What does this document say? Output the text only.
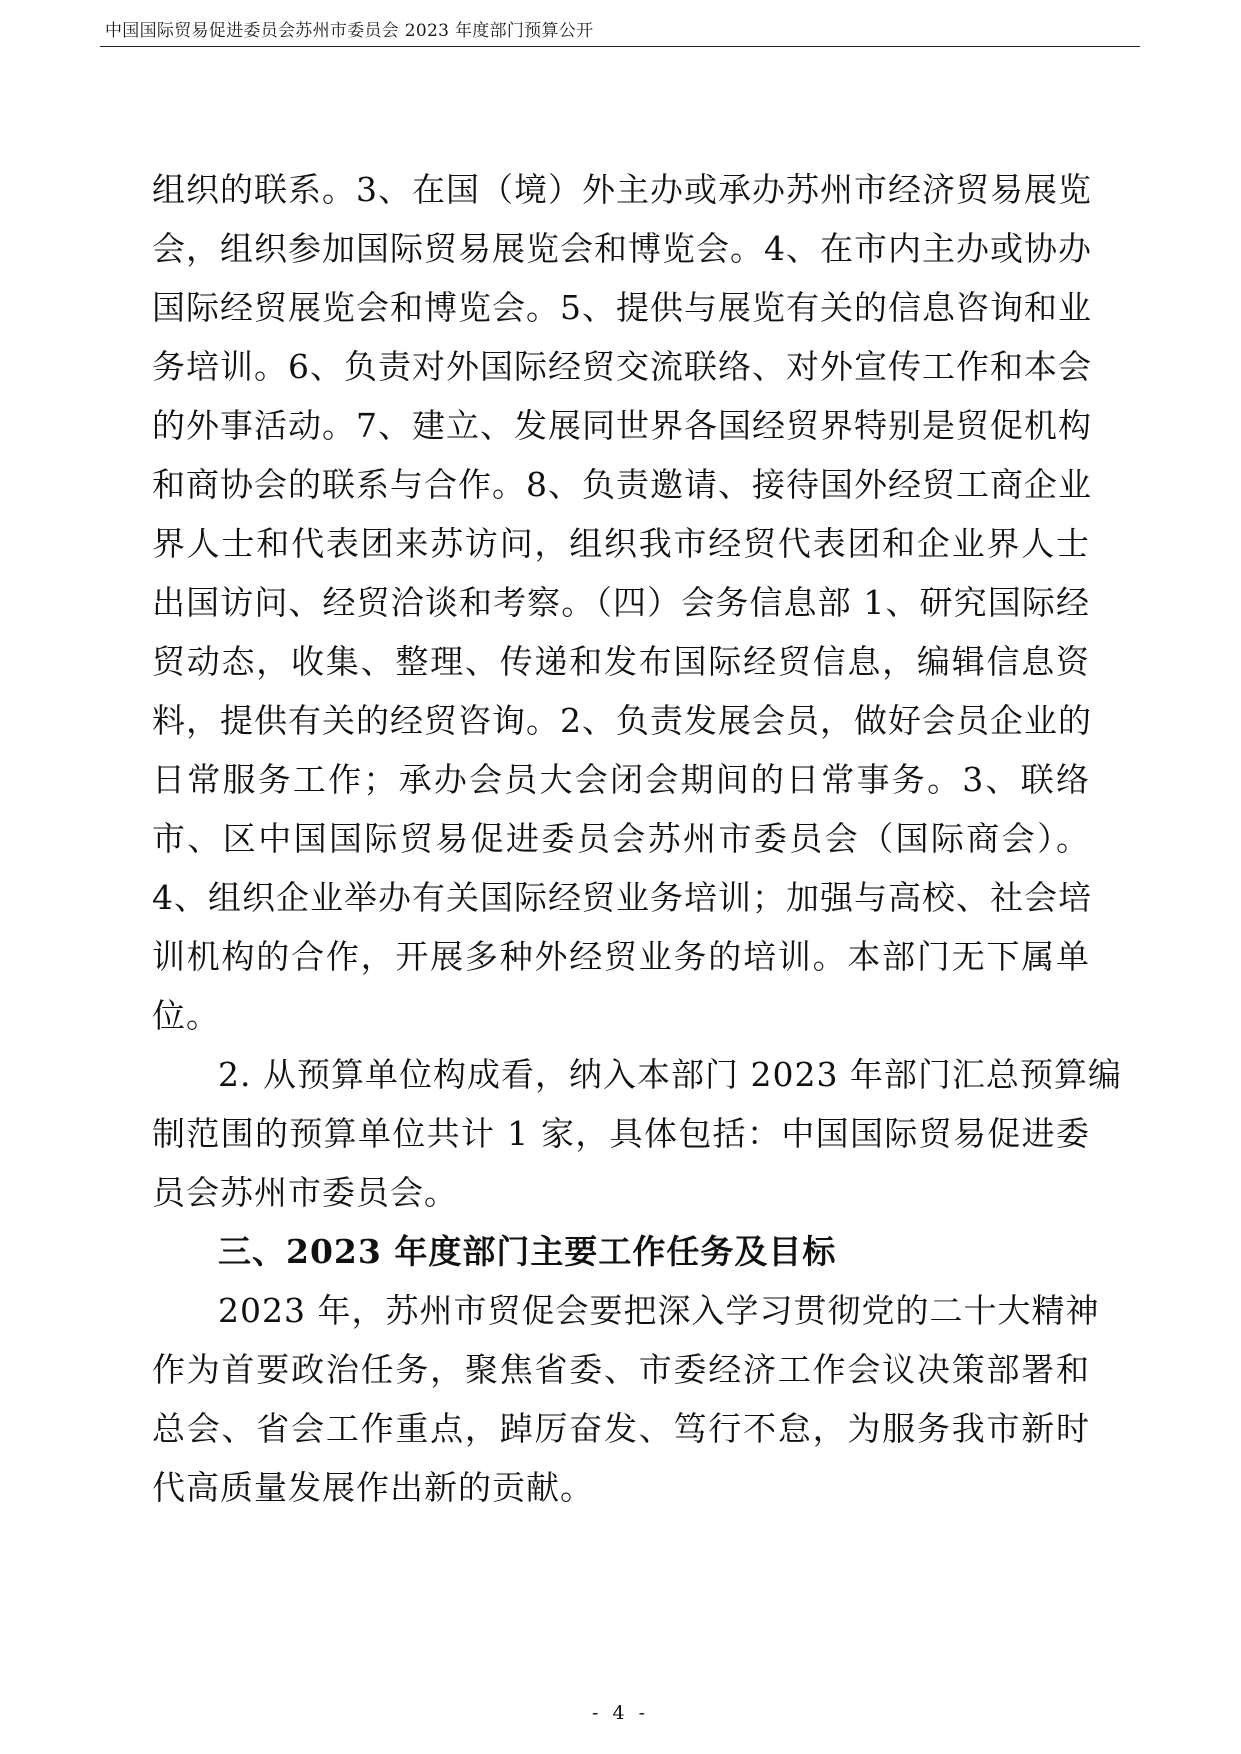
中国国际贸易促进委员会苏州市委员会 2023 年度部门预算公开
组织的联系。3、在国（境）外主办或承办苏州市经济贸易展览
会，组织参加国际贸易展览会和博览会。4、在市内主办或协办
国际经贸展览会和博览会。5、提供与展览有关的信息咨询和业
务培训。6、负责对外国际经贸交流联络、对外宣传工作和本会
的外事活动。7、建立、发展同世界各国经贸界特别是贸促机构
和商协会的联系与合作。8、负责邀请、接待国外经贸工商企业
界人士和代表团来苏访问，组织我市经贸代表团和企业界人士
出国访问、经贸洽谈和考察。（四）会务信息部 1、研究国际经
贸动态，收集、整理、传递和发布国际经贸信息，编辑信息资
料，提供有关的经贸咨询。2、负责发展会员，做好会员企业的
日常服务工作；承办会员大会闭会期间的日常事务。3、联络
市、区中国国际贸易促进委员会苏州市委员会（国际商会）。
4、组织企业举办有关国际经贸业务培训；加强与高校、社会培
训机构的合作，开展多种外经贸业务的培训。本部门无下属单
位。
2. 从预算单位构成看，纳入本部门 2023 年部门汇总预算编
制范围的预算单位共计 1 家，具体包括：中国国际贸易促进委
员会苏州市委员会。
三、2023 年度部门主要工作任务及目标
2023 年，苏州市贸促会要把深入学习贯彻党的二十大精神
作为首要政治任务，聚焦省委、市委经济工作会议决策部署和
总会、省会工作重点，踔厉奋发、笃行不怠，为服务我市新时
代高质量发展作出新的贡献。
- 4 -
